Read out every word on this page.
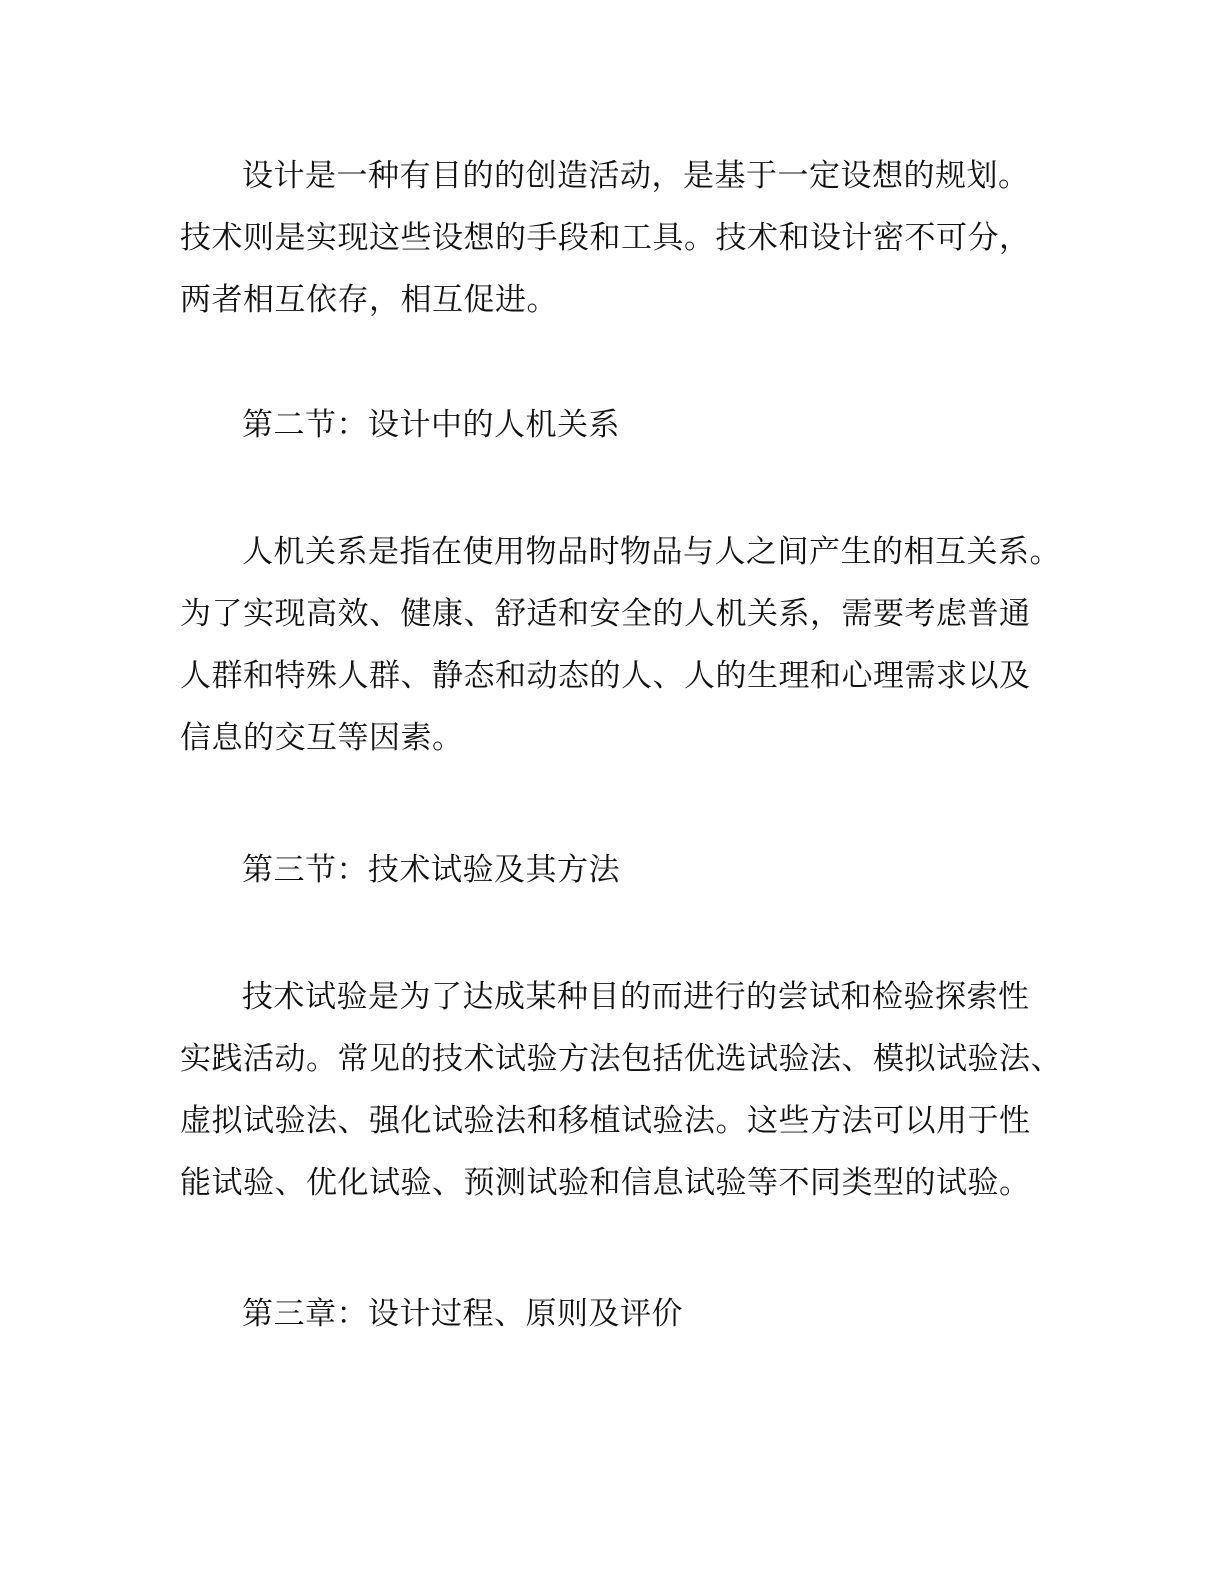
设计是一种有目的的创造活动，是基于一定设想的规划。

技术则是实现这些设想的手段和工具。技术和设计密不可分，

两者相互依存，相互促进。

第二节：设计中的人机关系

人机关系是指在使用物品时物品与人之间产生的相互关系。

为了实现高效、健康、舒适和安全的人机关系，需要考虑普通

人群和特殊人群、静态和动态的人、人的生理和心理需求以及

信息的交互等因素。

第三节：技术试验及其方法

技术试验是为了达成某种目的而进行的尝试和检验探索性

实践活动。常见的技术试验方法包括优选试验法、模拟试验法、

虚拟试验法、强化试验法和移植试验法。这些方法可以用于性

能试验、优化试验、预测试验和信息试验等不同类型的试验。

第三章：设计过程、原则及评价
